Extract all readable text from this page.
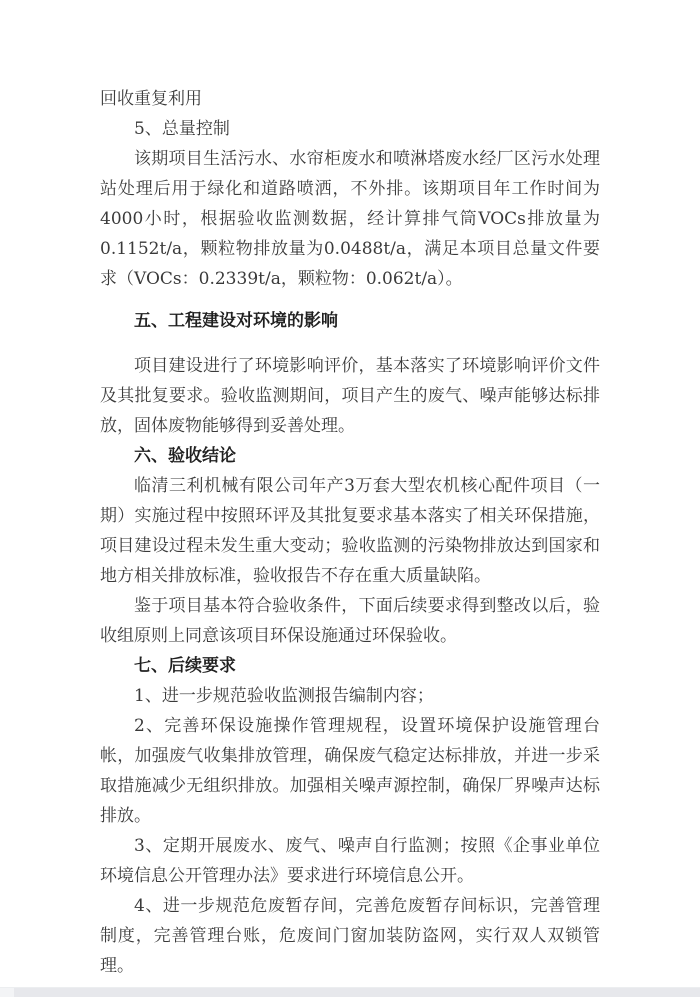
回收重复利用

5、总量控制

该期项目生活污水、水帘柜废水和喷淋塔废水经厂区污水处理站处理后用于绿化和道路喷洒，不外排。该期项目年工作时间为4000小时，根据验收监测数据，经计算排气筒VOCs排放量为0.1152t/a，颗粒物排放量为0.0488t/a，满足本项目总量文件要求（VOCs：0.2339t/a，颗粒物：0.062t/a）。

五、工程建设对环境的影响

项目建设进行了环境影响评价，基本落实了环境影响评价文件及其批复要求。验收监测期间，项目产生的废气、噪声能够达标排放，固体废物能够得到妥善处理。

六、验收结论

临清三利机械有限公司年产3万套大型农机核心配件项目（一期）实施过程中按照环评及其批复要求基本落实了相关环保措施，项目建设过程未发生重大变动；验收监测的污染物排放达到国家和地方相关排放标准，验收报告不存在重大质量缺陷。

鉴于项目基本符合验收条件，下面后续要求得到整改以后，验收组原则上同意该项目环保设施通过环保验收。

七、后续要求

1、进一步规范验收监测报告编制内容；

2、完善环保设施操作管理规程，设置环境保护设施管理台帐，加强废气收集排放管理，确保废气稳定达标排放，并进一步采取措施减少无组织排放。加强相关噪声源控制，确保厂界噪声达标排放。

3、定期开展废水、废气、噪声自行监测；按照《企事业单位环境信息公开管理办法》要求进行环境信息公开。

4、进一步规范危废暂存间，完善危废暂存间标识，完善管理制度，完善管理台账，危废间门窗加装防盗网，实行双人双锁管理。
